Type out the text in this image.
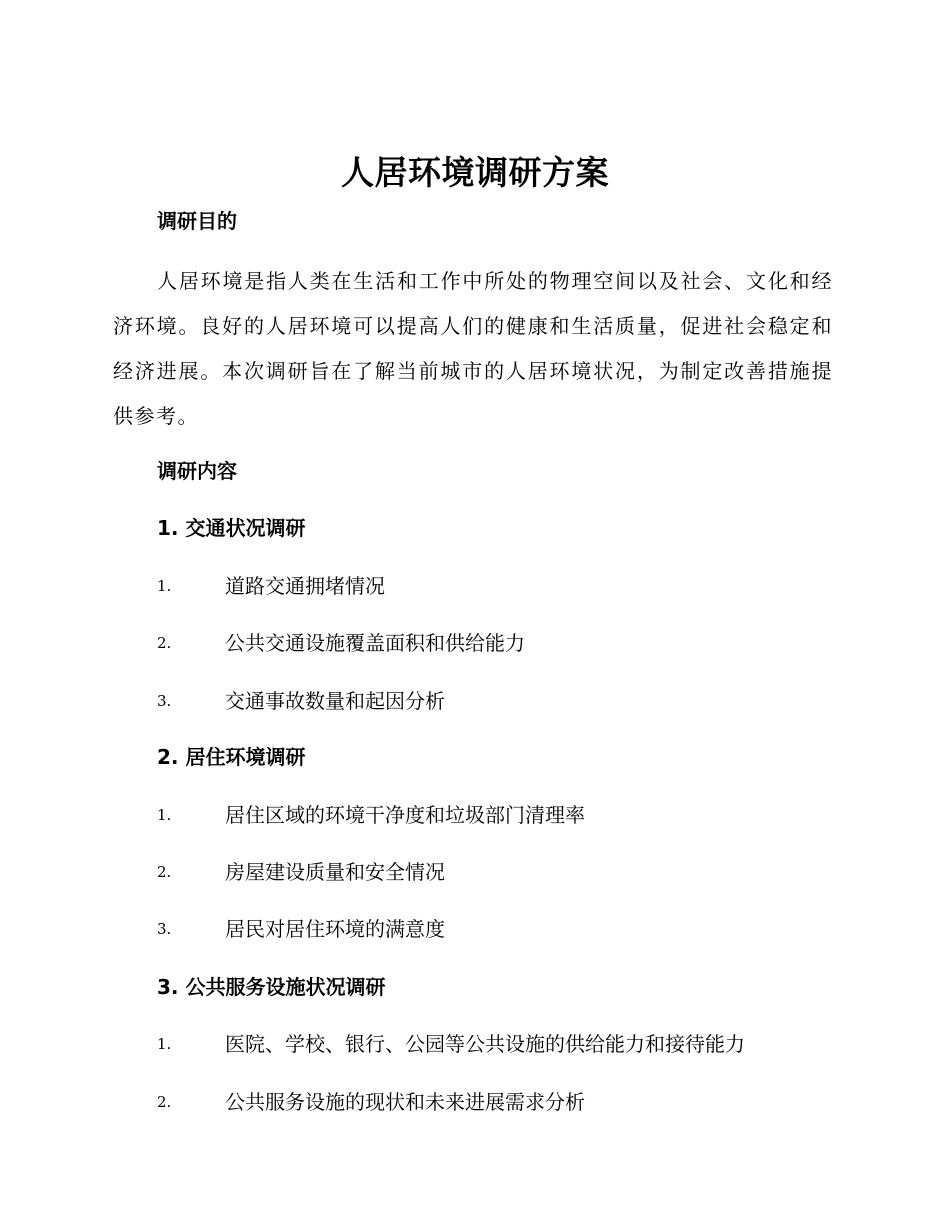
人居环境调研方案
调研目的
人居环境是指人类在生活和工作中所处的物理空间以及社会、文化和经济环境。良好的人居环境可以提高人们的健康和生活质量，促进社会稳定和经济进展。本次调研旨在了解当前城市的人居环境状况，为制定改善措施提供参考。
调研内容
1. 交通状况调研
1.	道路交通拥堵情况
2.	公共交通设施覆盖面积和供给能力
3.	交通事故数量和起因分析
2. 居住环境调研
1.	居住区域的环境干净度和垃圾部门清理率
2.	房屋建设质量和安全情况
3.	居民对居住环境的满意度
3. 公共服务设施状况调研
1.	医院、学校、银行、公园等公共设施的供给能力和接待能力
2.	公共服务设施的现状和未来进展需求分析
